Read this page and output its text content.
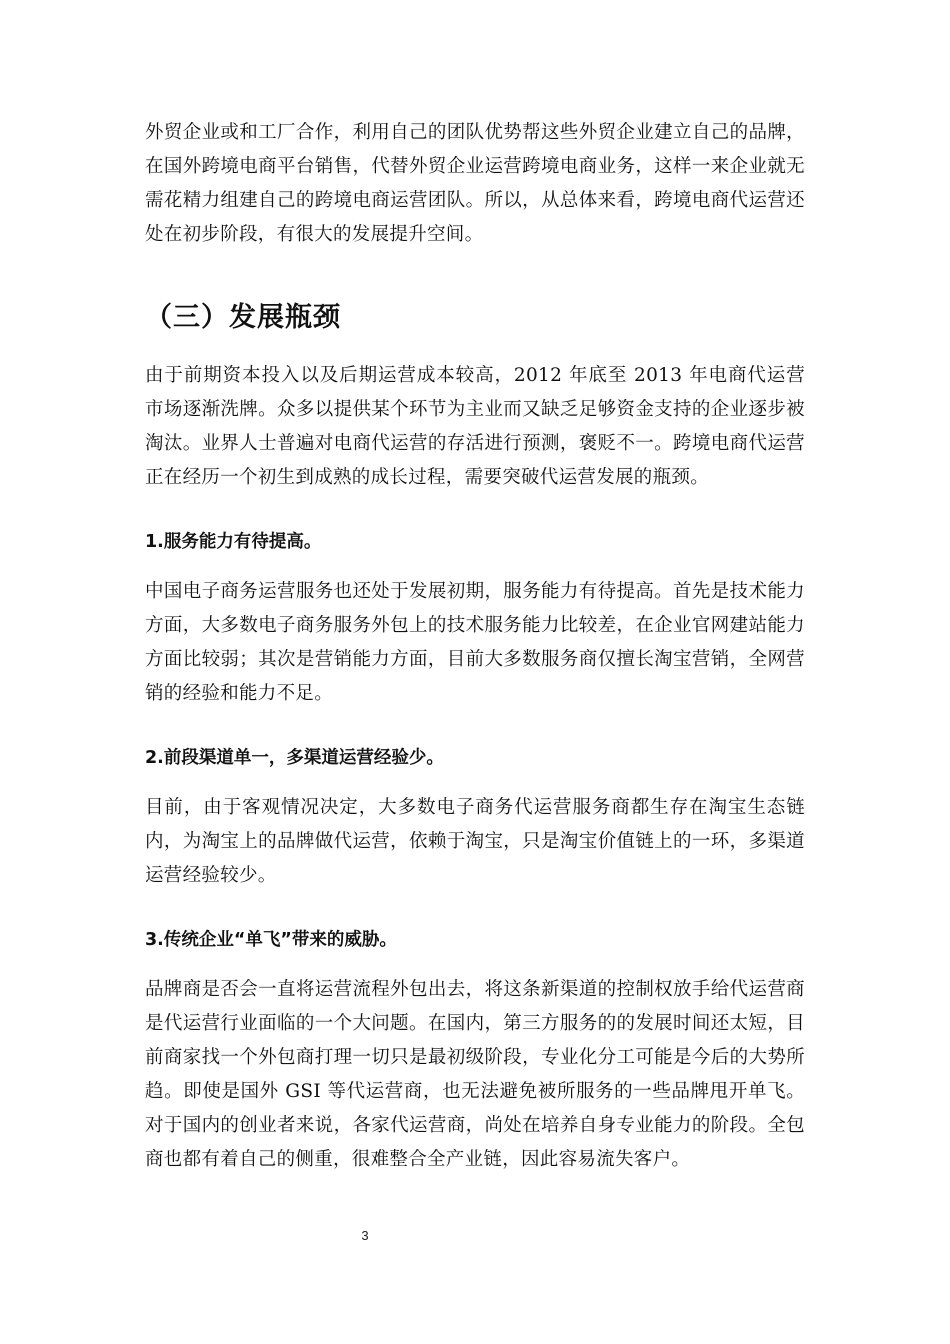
外贸企业或和工厂合作，利用自己的团队优势帮这些外贸企业建立自己的品牌，在国外跨境电商平台销售，代替外贸企业运营跨境电商业务，这样一来企业就无需花精力组建自己的跨境电商运营团队。所以，从总体来看，跨境电商代运营还处在初步阶段，有很大的发展提升空间。

（三）发展瓶颈

由于前期资本投入以及后期运营成本较高，2012 年底至 2013 年电商代运营市场逐渐洗牌。众多以提供某个环节为主业而又缺乏足够资金支持的企业逐步被淘汰。业界人士普遍对电商代运营的存活进行预测，褒贬不一。跨境电商代运营正在经历一个初生到成熟的成长过程，需要突破代运营发展的瓶颈。

1.服务能力有待提高。

中国电子商务运营服务也还处于发展初期，服务能力有待提高。首先是技术能力方面，大多数电子商务服务外包上的技术服务能力比较差，在企业官网建站能力方面比较弱；其次是营销能力方面，目前大多数服务商仅擅长淘宝营销，全网营销的经验和能力不足。

2.前段渠道单一，多渠道运营经验少。

目前，由于客观情况决定，大多数电子商务代运营服务商都生存在淘宝生态链内，为淘宝上的品牌做代运营，依赖于淘宝，只是淘宝价值链上的一环，多渠道运营经验较少。

3.传统企业“单飞”带来的威胁。

品牌商是否会一直将运营流程外包出去，将这条新渠道的控制权放手给代运营商是代运营行业面临的一个大问题。在国内，第三方服务的的发展时间还太短，目前商家找一个外包商打理一切只是最初级阶段，专业化分工可能是今后的大势所趋。即使是国外 GSI 等代运营商，也无法避免被所服务的一些品牌甩开单飞。对于国内的创业者来说，各家代运营商，尚处在培养自身专业能力的阶段。全包商也都有着自己的侧重，很难整合全产业链，因此容易流失客户。

3
